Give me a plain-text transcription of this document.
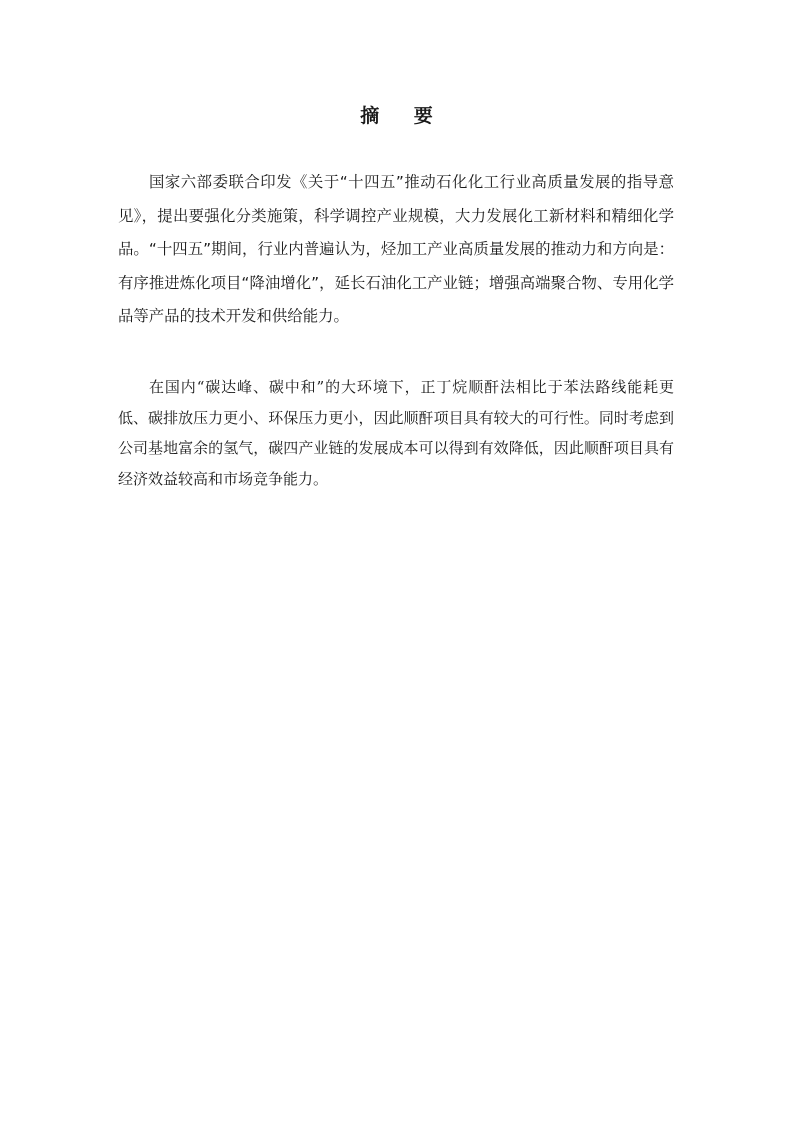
摘 要

国家六部委联合印发《关于“十四五”推动石化化工行业高质量发展的指导意见》，提出要强化分类施策，科学调控产业规模，大力发展化工新材料和精细化学品。“十四五”期间，行业内普遍认为，烃加工产业高质量发展的推动力和方向是：有序推进炼化项目“降油增化”，延长石油化工产业链；增强高端聚合物、专用化学品等产品的技术开发和供给能力。

在国内“碳达峰、碳中和”的大环境下，正丁烷顺酐法相比于苯法路线能耗更低、碳排放压力更小、环保压力更小，因此顺酐项目具有较大的可行性。同时考虑到公司基地富余的氢气，碳四产业链的发展成本可以得到有效降低，因此顺酐项目具有经济效益较高和市场竞争能力。
